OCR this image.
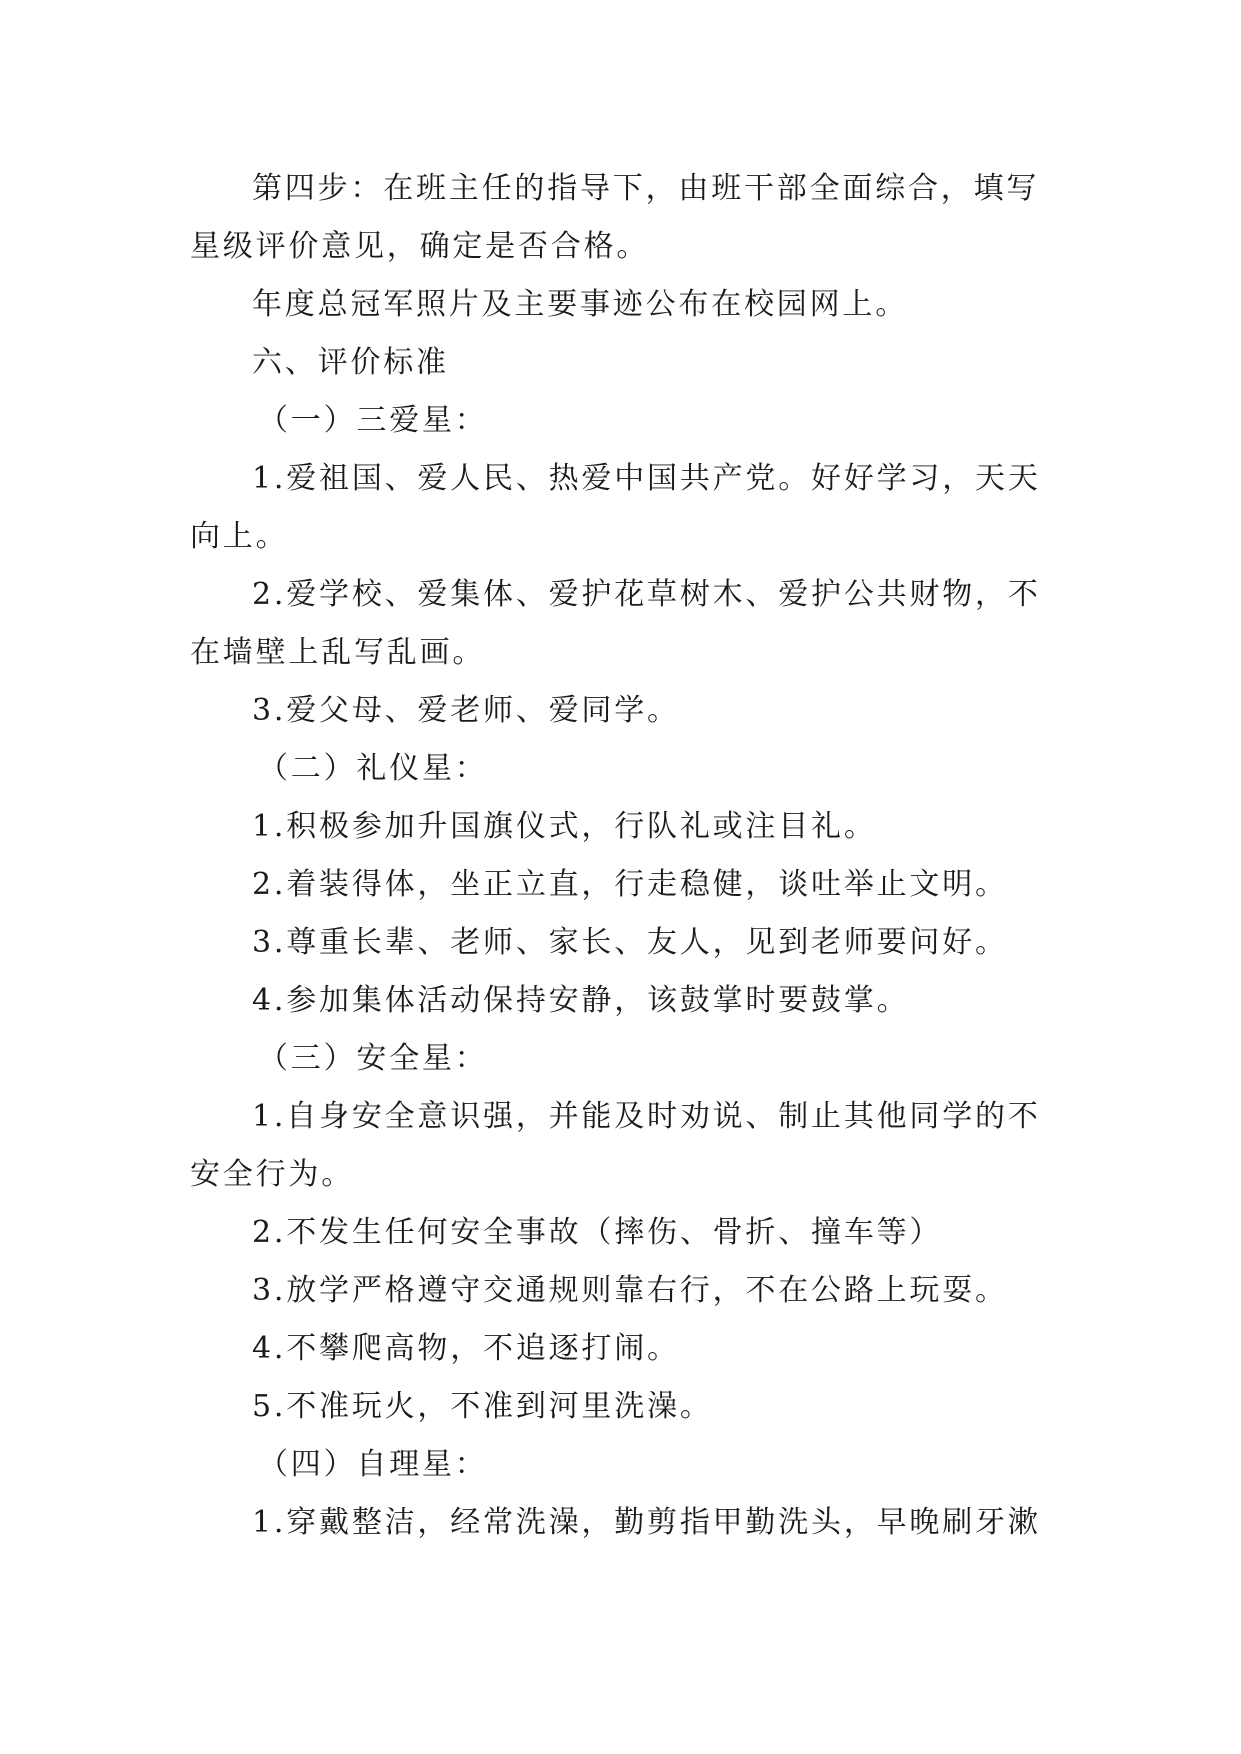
第四步：在班主任的指导下，由班干部全面综合，填写
星级评价意见，确定是否合格。
年度总冠军照片及主要事迹公布在校园网上。
六、评价标准
（一）三爱星：
1.爱祖国、爱人民、热爱中国共产党。好好学习，天天
向上。
2.爱学校、爱集体、爱护花草树木、爱护公共财物，不
在墙壁上乱写乱画。
3.爱父母、爱老师、爱同学。
（二）礼仪星：
1.积极参加升国旗仪式，行队礼或注目礼。
2.着装得体，坐正立直，行走稳健，谈吐举止文明。
3.尊重长辈、老师、家长、友人，见到老师要问好。
4.参加集体活动保持安静，该鼓掌时要鼓掌。
（三）安全星：
1.自身安全意识强，并能及时劝说、制止其他同学的不
安全行为。
2.不发生任何安全事故（摔伤、骨折、撞车等）
3.放学严格遵守交通规则靠右行，不在公路上玩耍。
4.不攀爬高物，不追逐打闹。
5.不准玩火，不准到河里洗澡。
（四）自理星：
1.穿戴整洁，经常洗澡，勤剪指甲勤洗头，早晚刷牙漱
